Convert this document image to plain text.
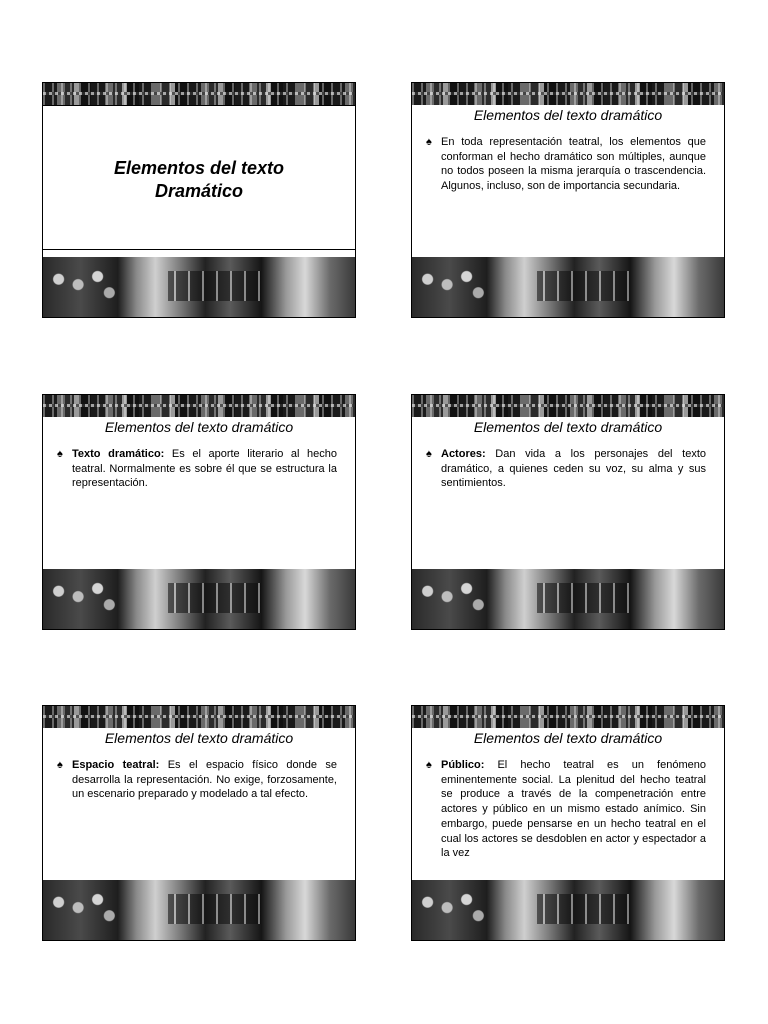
Elementos del texto Dramático
Elementos del texto dramático
♠ En toda representación teatral, los elementos que conforman el hecho dramático son múltiples, aunque no todos poseen la misma jerarquía o trascendencia. Algunos, incluso, son de importancia secundaria.
Elementos del texto dramático
♠ Texto dramático: Es el aporte literario al hecho teatral. Normalmente es sobre él que se estructura la representación.
Elementos del texto dramático
♠ Actores: Dan vida a los personajes del texto dramático, a quienes ceden su voz, su alma y sus sentimientos.
Elementos del texto dramático
♠ Espacio teatral: Es el espacio físico donde se desarrolla la representación. No exige, forzosamente, un escenario preparado y modelado a tal efecto.
Elementos del texto dramático
♠ Público: El hecho teatral es un fenómeno eminentemente social. La plenitud del hecho teatral se produce a través de la compenetración entre actores y público en un mismo estado anímico. Sin embargo, puede pensarse en un hecho teatral en el cual los actores se desdoblen en actor y espectador a la vez
